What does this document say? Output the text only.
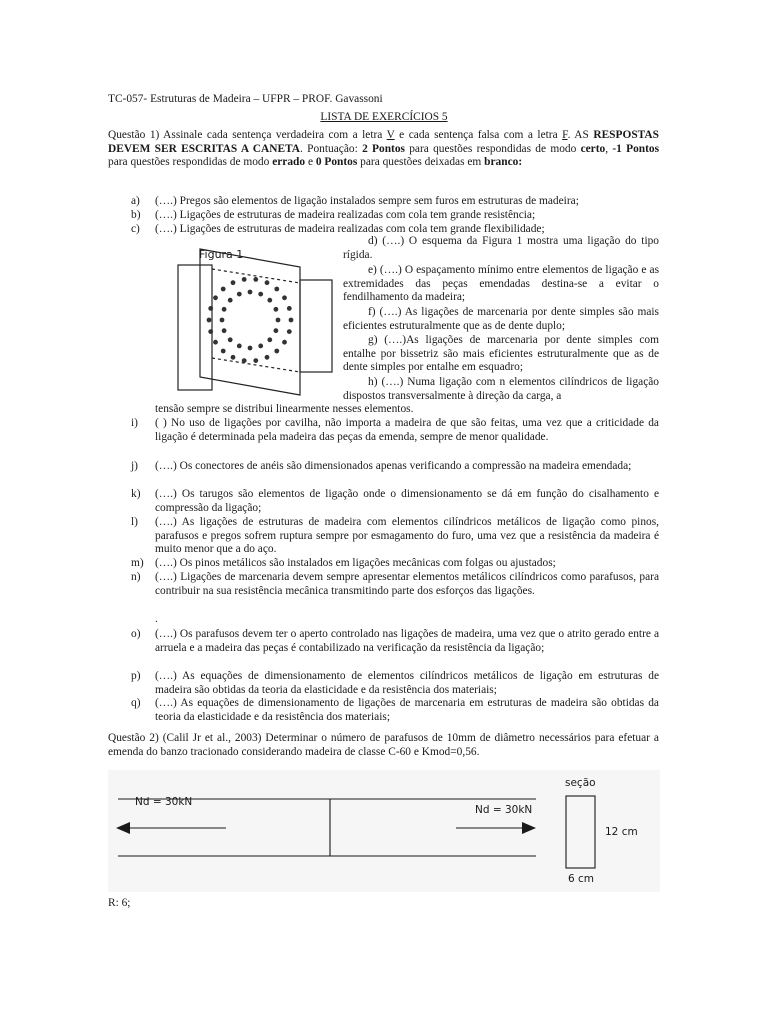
TC-057- Estruturas de Madeira – UFPR – PROF. Gavassoni
LISTA DE EXERCÍCIOS 5
Questão 1) Assinale cada sentença verdadeira com a letra V e cada sentença falsa com a letra F. AS RESPOSTAS DEVEM SER ESCRITAS A CANETA. Pontuação: 2 Pontos para questões respondidas de modo certo, -1 Pontos para questões respondidas de modo errado e 0 Pontos para questões deixadas em branco:
a)	(….) Pregos são elementos de ligação instalados sempre sem furos em estruturas de madeira;
b)	(….) Ligações de estruturas de madeira realizadas com cola tem grande resistência;
c)	(….) Ligações de estruturas de madeira realizadas com cola tem grande flexibilidade;
Figura 1
d) (….) O esquema da Figura 1 mostra uma ligação do tipo rígida.
e) (….) O espaçamento mínimo entre elementos de ligação e as extremidades das peças emendadas destina-se a evitar o fendilhamento da madeira;
f) (….) As ligações de marcenaria por dente simples são mais eficientes estruturalmente que as de dente duplo;
g) (….)As ligações de marcenaria por dente simples com entalhe por bissetriz são mais eficientes estruturalmente que as de dente simples por entalhe em esquadro;
h) (….) Numa ligação com n elementos cilíndricos de ligação dispostos transversalmente à direção da carga, a
tensão sempre se distribui linearmente nesses elementos.
i)	( ) No uso de ligações por cavilha, não importa a madeira de que são feitas, uma vez que a criticidade da ligação é determinada pela madeira das peças da emenda, sempre de menor qualidade.
j)	(….) Os conectores de anéis são dimensionados apenas verificando a compressão na madeira emendada;
k)	(….) Os tarugos são elementos de ligação onde o dimensionamento se dá em função do cisalhamento e compressão da ligação;
l)	(….) As ligações de estruturas de madeira com elementos cilíndricos metálicos de ligação como pinos, parafusos e pregos sofrem ruptura sempre por esmagamento do furo, uma vez que a resistência da madeira é muito menor que a do aço.
m) (….) Os pinos metálicos são instalados em ligações mecânicas com folgas ou ajustados;
n)	(….) Ligações de marcenaria devem sempre apresentar elementos metálicos cilíndricos como parafusos, para contribuir na sua resistência mecânica transmitindo parte dos esforços das ligações.
.
o)	(….) Os parafusos devem ter o aperto controlado nas ligações de madeira, uma vez que o atrito gerado entre a arruela e a madeira das peças é contabilizado na verificação da resistência da ligação;
p)	(….) As equações de dimensionamento de elementos cilíndricos metálicos de ligação em estruturas de madeira são obtidas da teoria da elasticidade e da resistência dos materiais;
q)	(….) As equações de dimensionamento de ligações de marcenaria em estruturas de madeira são obtidas da teoria da elasticidade e da resistência dos materiais;
Questão 2) (Calil Jr et al., 2003) Determinar o número de parafusos de 10mm de diâmetro necessários para efetuar a emenda do banzo tracionado considerando madeira de classe C-60 e Kmod=0,56.
Nd = 30kN
Nd = 30kN
seção
12 cm
6 cm
R: 6;
